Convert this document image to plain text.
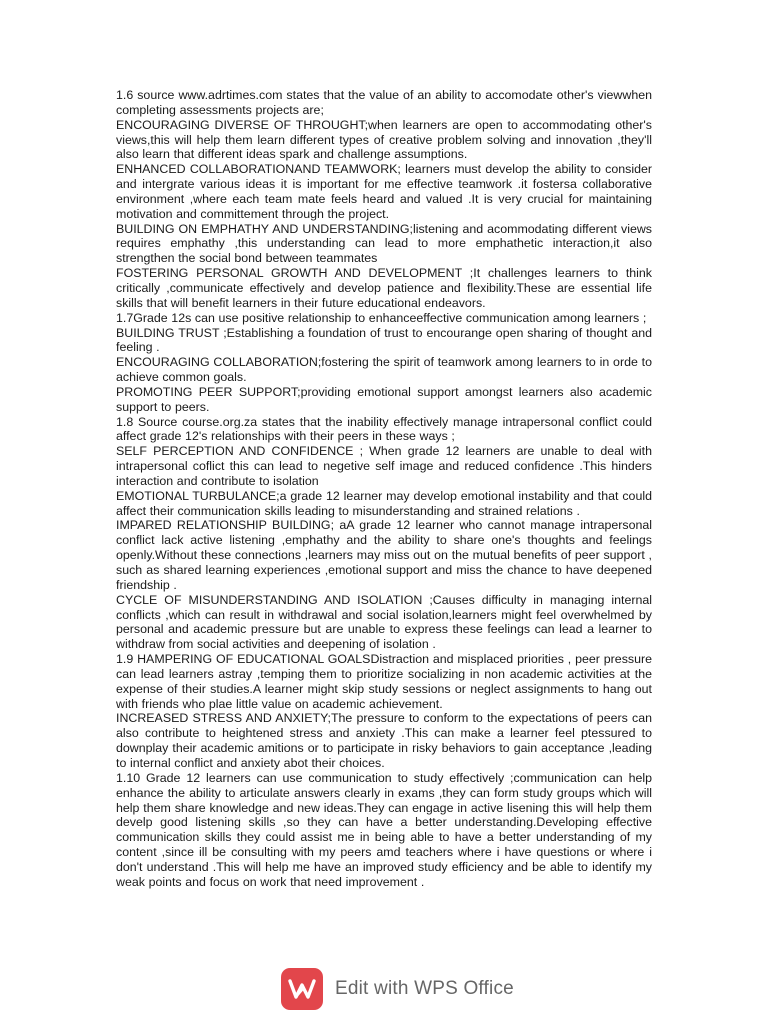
1.6 source www.adrtimes.com states that the value of an ability to accomodate other's viewwhen completing assessments projects are;

ENCOURAGING DIVERSE OF THROUGHT;when learners are open to accommodating other's views,this will help them learn different types of creative problem solving and innovation ,they'll also learn that different ideas spark and challenge assumptions.

ENHANCED COLLABORATIONAND TEAMWORK; learners must develop the ability to consider and intergrate various ideas it is important for me effective teamwork .it fostersa collaborative environment ,where each team mate feels heard and valued .It is very crucial for maintaining motivation and committement through the project.

BUILDING ON EMPHATHY AND UNDERSTANDING;listening and acommodating different views requires emphathy ,this understanding can lead to more emphathetic interaction,it also strengthen the social bond between teammates

FOSTERING PERSONAL GROWTH AND DEVELOPMENT ;It challenges learners to think critically ,communicate effectively and develop patience and flexibility.These are essential life skills that will benefit learners in their future educational endeavors.

1.7Grade 12s can use positive relationship to enhanceeffective communication among learners ;

BUILDING TRUST ;Establishing a foundation of trust to encourange open sharing of thought and feeling .

ENCOURAGING COLLABORATION;fostering the spirit of teamwork among learners to in orde to achieve common goals.

PROMOTING PEER SUPPORT;providing emotional support amongst learners also academic support to peers.

1.8 Source course.org.za states that the inability effectively manage intrapersonal conflict could affect grade 12's relationships with their peers in these ways ;

SELF PERCEPTION AND CONFIDENCE ; When grade 12 learners are unable to deal with intrapersonal coflict this can lead to negetive self image and reduced confidence .This hinders interaction and contribute to isolation

EMOTIONAL TURBULANCE;a grade 12 learner may develop emotional instability and that could affect their communication skills leading to misunderstanding and strained relations .

IMPARED RELATIONSHIP BUILDING; aA grade 12 learner who cannot manage intrapersonal conflict lack active listening ,emphathy and the ability to share one's thoughts and feelings openly.Without these connections ,learners may miss out on the mutual benefits of peer support , such as shared learning experiences ,emotional support and miss the chance to have deepened friendship .

CYCLE OF MISUNDERSTANDING AND ISOLATION ;Causes difficulty in managing internal conflicts ,which can result in withdrawal and social isolation,learners might feel overwhelmed by personal and academic pressure but are unable to express these feelings can lead a learner to withdraw from social activities and deepening of isolation .

1.9 HAMPERING OF EDUCATIONAL GOALSDistraction and misplaced priorities , peer pressure can lead learners astray ,temping them to prioritize socializing in non academic activities at the expense of their studies.A learner might skip study sessions or neglect assignments to hang out with friends who plae little value on academic achievement.

INCREASED STRESS AND ANXIETY;The pressure to conform to the expectations of peers can also contribute to heightened stress and anxiety .This can make a learner feel ptessured to downplay their academic amitions or to participate in risky behaviors to gain acceptance ,leading to internal conflict and anxiety abot their choices.

1.10 Grade 12 learners can use communication to study effectively ;communication can help enhance the ability to articulate answers clearly in exams ,they can form study groups which will help them share knowledge and new ideas.They can engage in active lisening this will help them develp good listening skills ,so they can have a better understanding.Developing effective communication skills they could assist me in being able to have a better understanding of my content ,since ill be consulting with my peers amd teachers where i have questions or where i don't understand .This will help me have an improved study efficiency and be able to identify my weak points and focus on work that need improvement .

Edit with WPS Office
